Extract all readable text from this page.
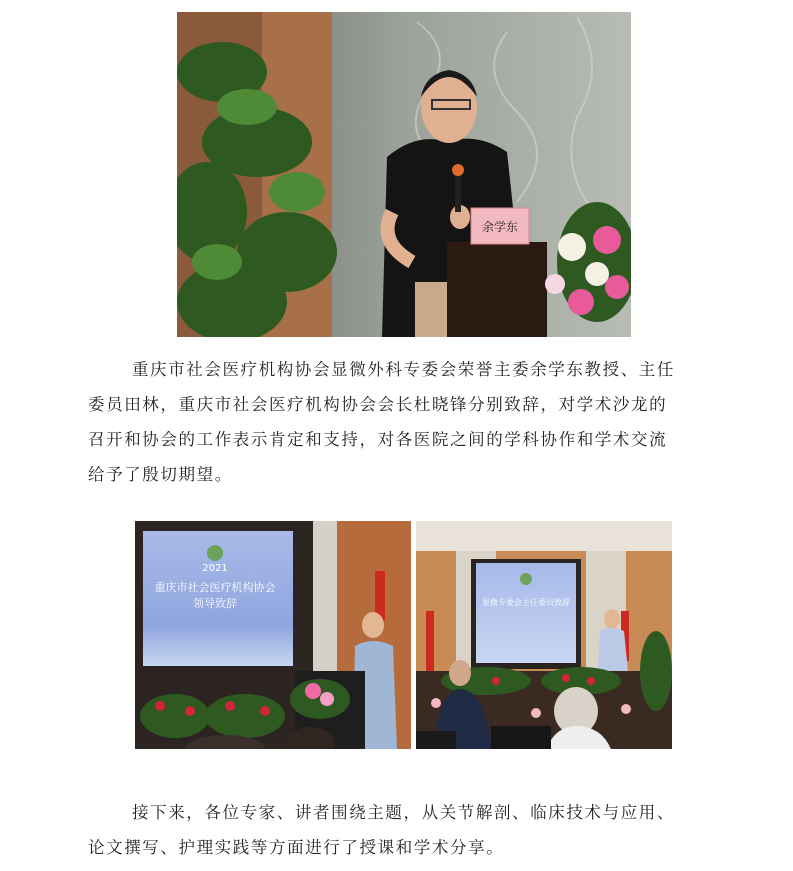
余学东

重庆市社会医疗机构协会显微外科专委会荣誉主委余学东教授、主任
委员田林，重庆市社会医疗机构协会会长杜晓锋分别致辞，对学术沙龙的
召开和协会的工作表示肯定和支持，对各医院之间的学科协作和学术交流
给予了殷切期望。

2021
重庆市社会医疗机构协会
领导致辞	显微专委会主任委员致辞

接下来，各位专家、讲者围绕主题，从关节解剖、临床技术与应用、
论文撰写、护理实践等方面进行了授课和学术分享。
